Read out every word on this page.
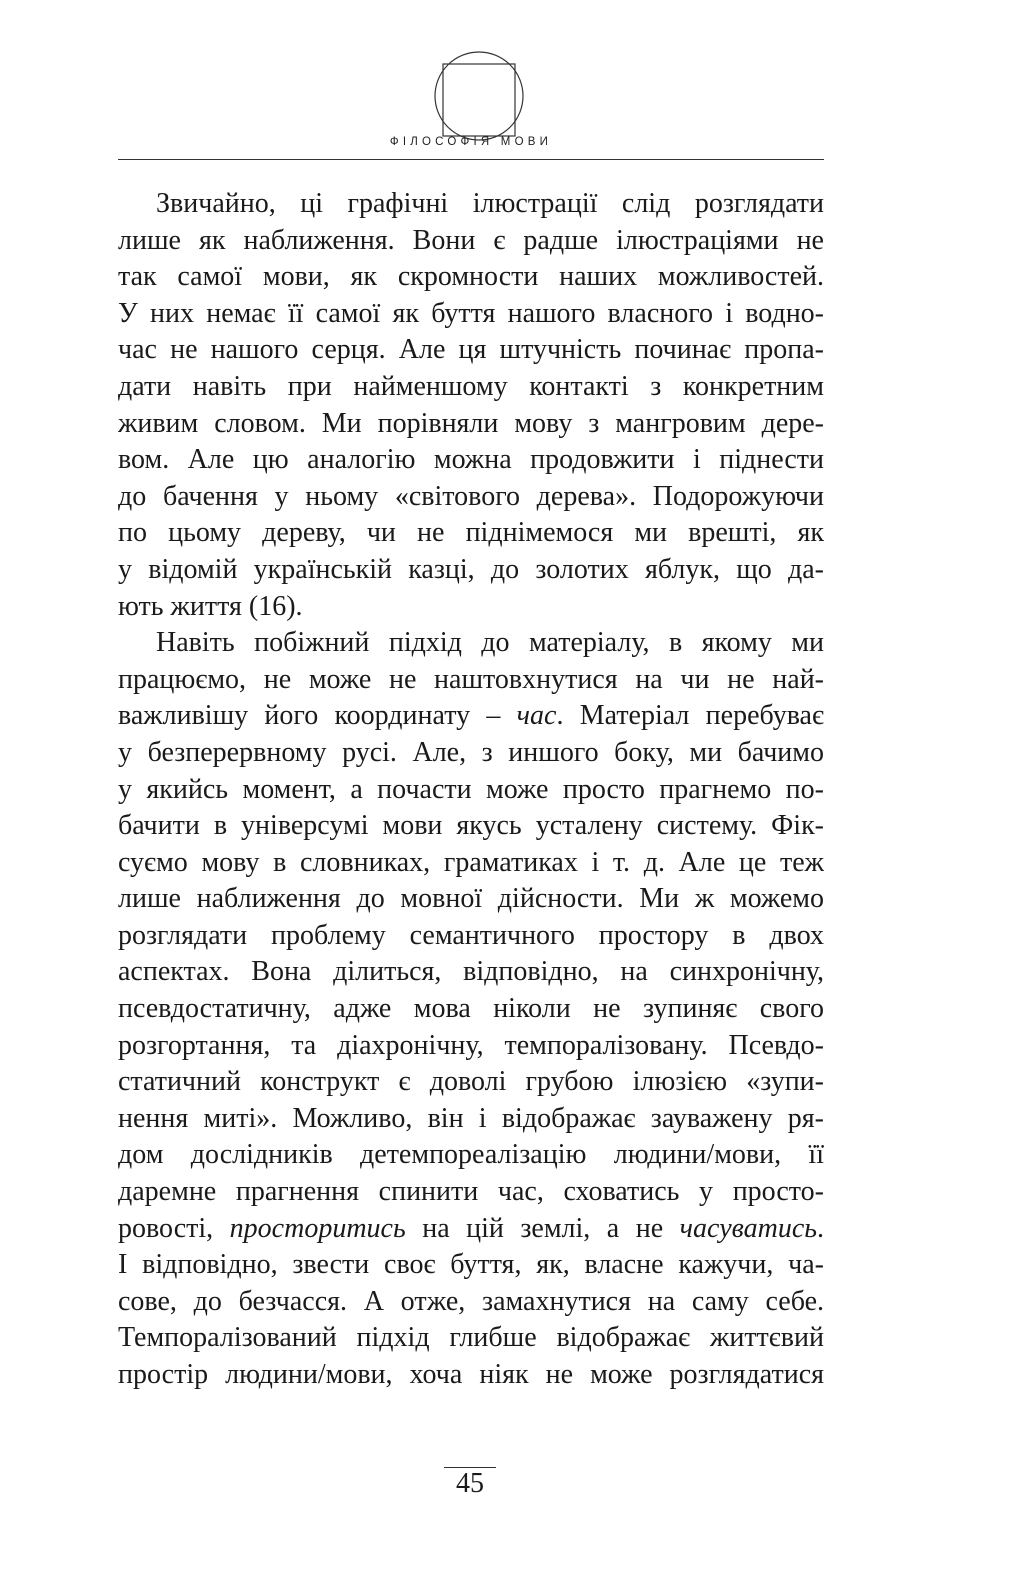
ФІЛОСОФІЯ МОВИ
Звичайно, ці графічні ілюстрації слід розглядати
лише як наближення. Вони є радше ілюстраціями не
так самої мови, як скромности наших можливостей.
У них немає її самої як буття нашого власного і водно-
час не нашого серця. Але ця штучність починає пропа-
дати навіть при найменшому контакті з конкретним
живим словом. Ми порівняли мову з мангровим дере-
вом. Але цю аналогію можна продовжити і піднести
до бачення у ньому «світового дерева». Подорожуючи
по цьому дереву, чи не піднімемося ми врешті, як
у відомій українській казці, до золотих яблук, що да-
ють життя (16).
Навіть побіжний підхід до матеріалу, в якому ми
працюємо, не може не наштовхнутися на чи не най-
важливішу його координату – час. Матеріал перебуває
у безперервному русі. Але, з иншого боку, ми бачимо
у якийсь момент, а почасти може просто прагнемо по-
бачити в універсумі мови якусь усталену систему. Фік-
суємо мову в словниках, граматиках і т. д. Але це теж
лише наближення до мовної дійсности. Ми ж можемо
розглядати проблему семантичного простору в двох
аспектах. Вона ділиться, відповідно, на синхронічну,
псевдостатичну, адже мова ніколи не зупиняє свого
розгортання, та діахронічну, темпоралізовану. Псевдо-
статичний конструкт є доволі грубою ілюзією «зупи-
нення миті». Можливо, він і відображає зауважену ря-
дом дослідників детемпореалізацію людини/мови, її
даремне прагнення спинити час, сховатись у просто-
ровості, просторитись на цій землі, а не часуватись.
І відповідно, звести своє буття, як, власне кажучи, ча-
сове, до безчасся. А отже, замахнутися на саму себе.
Темпоралізований підхід глибше відображає життєвий
простір людини/мови, хоча ніяк не може розглядатися
45
